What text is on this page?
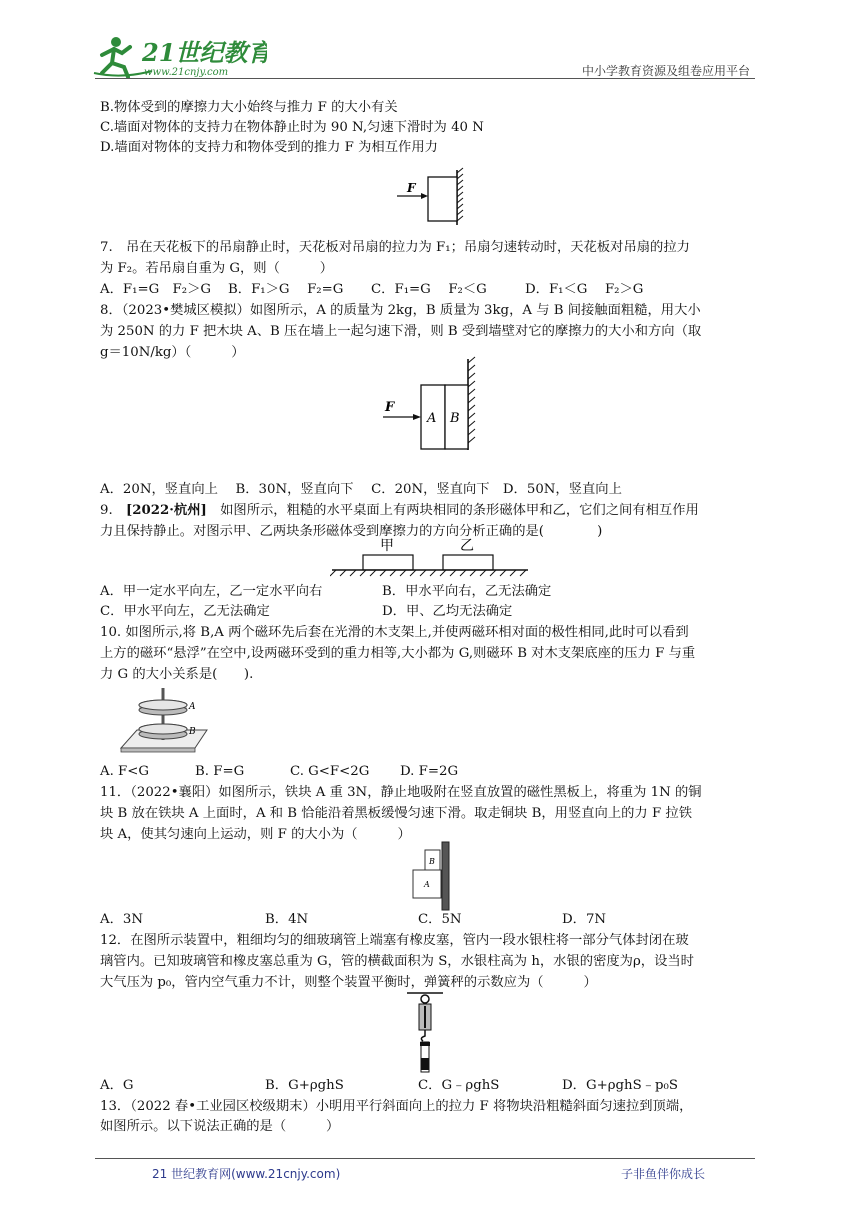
21世纪教育
www.21cnjy.com	中小学教育资源及组卷应用平台
B.物体受到的摩擦力大小始终与推力 F 的大小有关
C.墙面对物体的支持力在物体静止时为 90 N,匀速下滑时为 40 N
D.墙面对物体的支持力和物体受到的推力 F 为相互作用力
F
7.　吊在天花板下的吊扇静止时，天花板对吊扇的拉力为 F₁；吊扇匀速转动时，天花板对吊扇的拉力
为 F₂。若吊扇自重为 G，则（　　　）
A．F₁=G　F₂＞G B．F₁＞G　 F₂=G C．F₁=G　 F₂＜G	D．F₁＜G　 F₂＞G
8．（2023•樊城区模拟）如图所示，A 的质量为 2kg，B 质量为 3kg，A 与 B 间接触面粗糙，用大小
为 250N 的力 F 把木块 A、B 压在墙上一起匀速下滑，则 B 受到墙壁对它的摩擦力的大小和方向（取
g＝10N/kg）（　　　）
F
A B
A．20N，竖直向上　 B．30N，竖直向下　 C．20N，竖直向下　D．50N，竖直向上
9.　[2022·杭州]　如图所示，粗糙的水平桌面上有两块相同的条形磁体甲和乙，它们之间有相互作用
力且保持静止。对图示甲、乙两块条形磁体受到摩擦力的方向分析正确的是(　　　　)
甲	乙
A．甲一定水平向左，乙一定水平向右	B．甲水平向右，乙无法确定
C．甲水平向左，乙无法确定	D．甲、乙均无法确定
10. 如图所示,将 B,A 两个磁环先后套在光滑的木支架上,并使两磁环相对面的极性相同,此时可以看到
上方的磁环“悬浮”在空中,设两磁环受到的重力相等,大小都为 G,则磁环 B 对木支架底座的压力 F 与重
力 G 的大小关系是(　　).
A
B
A. F<G	B. F=G	C. G<F<2G D. F=2G
11．（2022•襄阳）如图所示，铁块 A 重 3N，静止地吸附在竖直放置的磁性黑板上，将重为 1N 的铜
块 B 放在铁块 A 上面时，A 和 B 恰能沿着黑板缓慢匀速下滑。取走铜块 B，用竖直向上的力 F 拉铁
块 A，使其匀速向上运动，则 F 的大小为（　　　）
B
A
A．3N	B．4N	C．5N	D．7N
12．在图所示装置中，粗细均匀的细玻璃管上端塞有橡皮塞，管内一段水银柱将一部分气体封闭在玻
璃管内。已知玻璃管和橡皮塞总重为 G，管的横截面积为 S，水银柱高为 h，水银的密度为ρ，设当时
大气压为 p₀，管内空气重力不计，则整个装置平衡时，弹簧秤的示数应为（　　　）
A．G	B．G+ρghS	C．G﹣ρghS	D．G+ρghS﹣p₀S
13．（2022 春•工业园区校级期末）小明用平行斜面向上的拉力 F 将物块沿粗糙斜面匀速拉到顶端，
如图所示。以下说法正确的是（　　　）
21 世纪教育网(www.21cnjy.com)	子非鱼伴你成长
